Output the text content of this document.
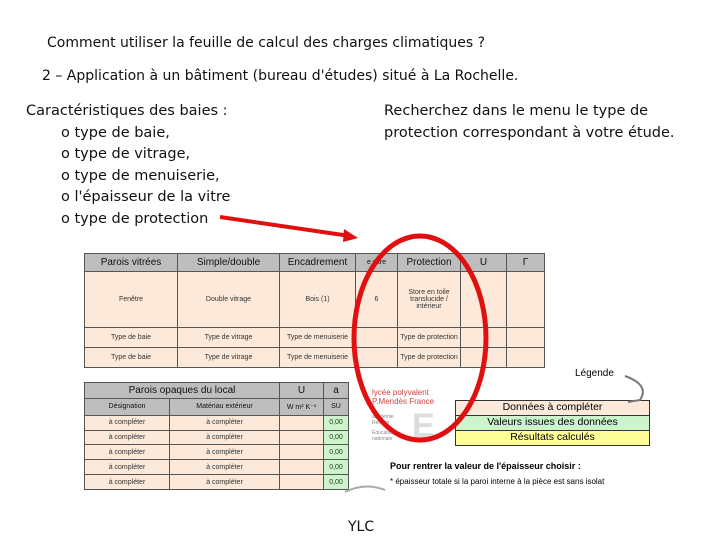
Comment utiliser la feuille de calcul des charges climatiques ?
2 – Application à un bâtiment (bureau d'études) situé à La Rochelle.
Caractéristiques des baies :
o type de baie,
o type de vitrage,
o type de menuiserie,
o l'épaisseur de la vitre
o type de protection
Recherchez dans le menu le type de
protection correspondant à votre étude.
Parois vitrées	Simple/double	Encadrement	e vitre	Protection	U	Γ
Fenêtre	Double vitrage	Bois (1)	6	Store en toile translucide / intérieur		
Type de baie	Type de vitrage	Type de menuiserie		Type de protection		
Type de baie	Type de vitrage	Type de menuiserie		Type de protection		
Parois opaques du local		U	a
Désignation	Matériau extérieur	W m² K⁻¹	SU
à compléter	à compléter		0,00
à compléter	à compléter		0,00
à compléter	à compléter		0,00
à compléter	à compléter		0,00
à compléter	à compléter		0,00
lycée polyvalent
P.Mendès France
E
académie Rennes
Éducation nationale
Légende
Données à compléter
Valeurs issues des données
Résultats calculés
Pour rentrer la valeur de l'épaisseur choisir :
* épaisseur totale si la paroi interne à la pièce est sans isolat
YLC
